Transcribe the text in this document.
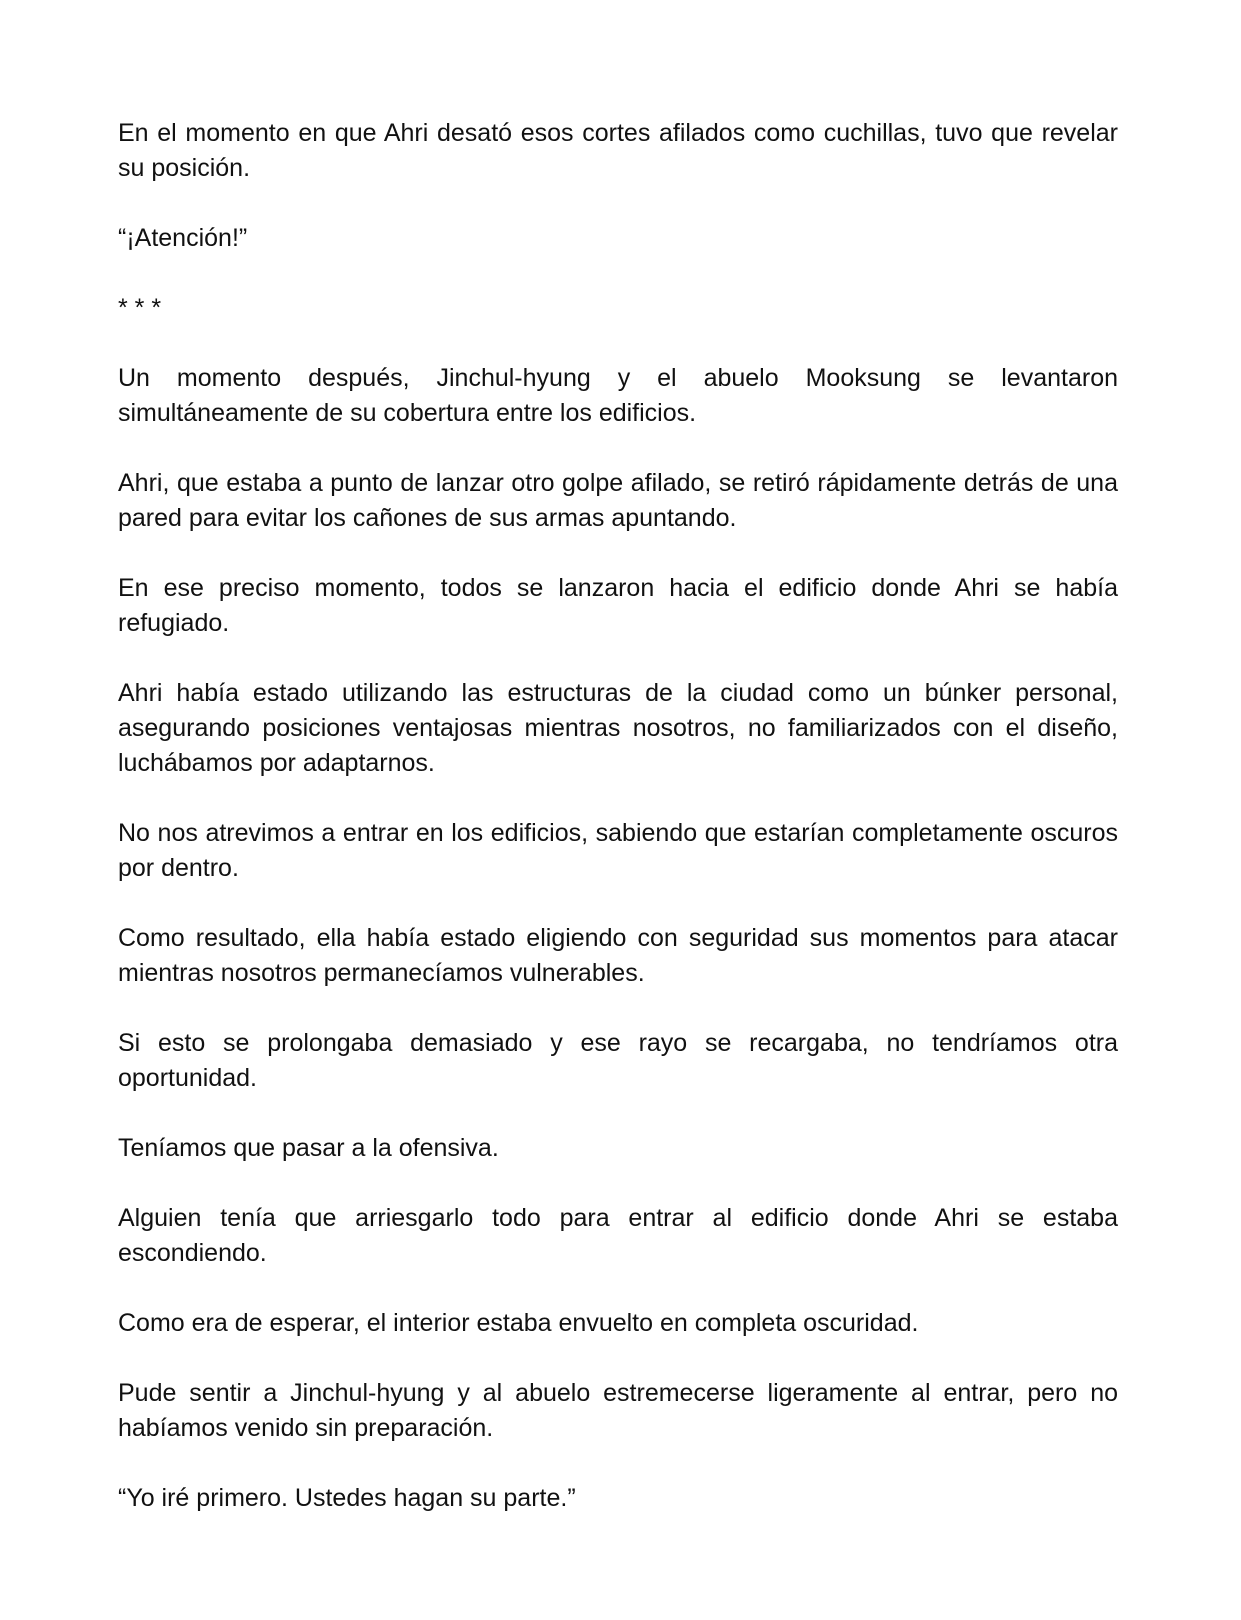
En el momento en que Ahri desató esos cortes afilados como cuchillas, tuvo que revelar su posición.

“¡Atención!”

* * *

Un momento después, Jinchul-hyung y el abuelo Mooksung se levantaron simultáneamente de su cobertura entre los edificios.

Ahri, que estaba a punto de lanzar otro golpe afilado, se retiró rápidamente detrás de una pared para evitar los cañones de sus armas apuntando.

En ese preciso momento, todos se lanzaron hacia el edificio donde Ahri se había refugiado.

Ahri había estado utilizando las estructuras de la ciudad como un búnker personal, asegurando posiciones ventajosas mientras nosotros, no familiarizados con el diseño, luchábamos por adaptarnos.

No nos atrevimos a entrar en los edificios, sabiendo que estarían completamente oscuros por dentro.

Como resultado, ella había estado eligiendo con seguridad sus momentos para atacar mientras nosotros permanecíamos vulnerables.

Si esto se prolongaba demasiado y ese rayo se recargaba, no tendríamos otra oportunidad.

Teníamos que pasar a la ofensiva.

Alguien tenía que arriesgarlo todo para entrar al edificio donde Ahri se estaba escondiendo.

Como era de esperar, el interior estaba envuelto en completa oscuridad.

Pude sentir a Jinchul-hyung y al abuelo estremecerse ligeramente al entrar, pero no habíamos venido sin preparación.

“Yo iré primero. Ustedes hagan su parte.”
